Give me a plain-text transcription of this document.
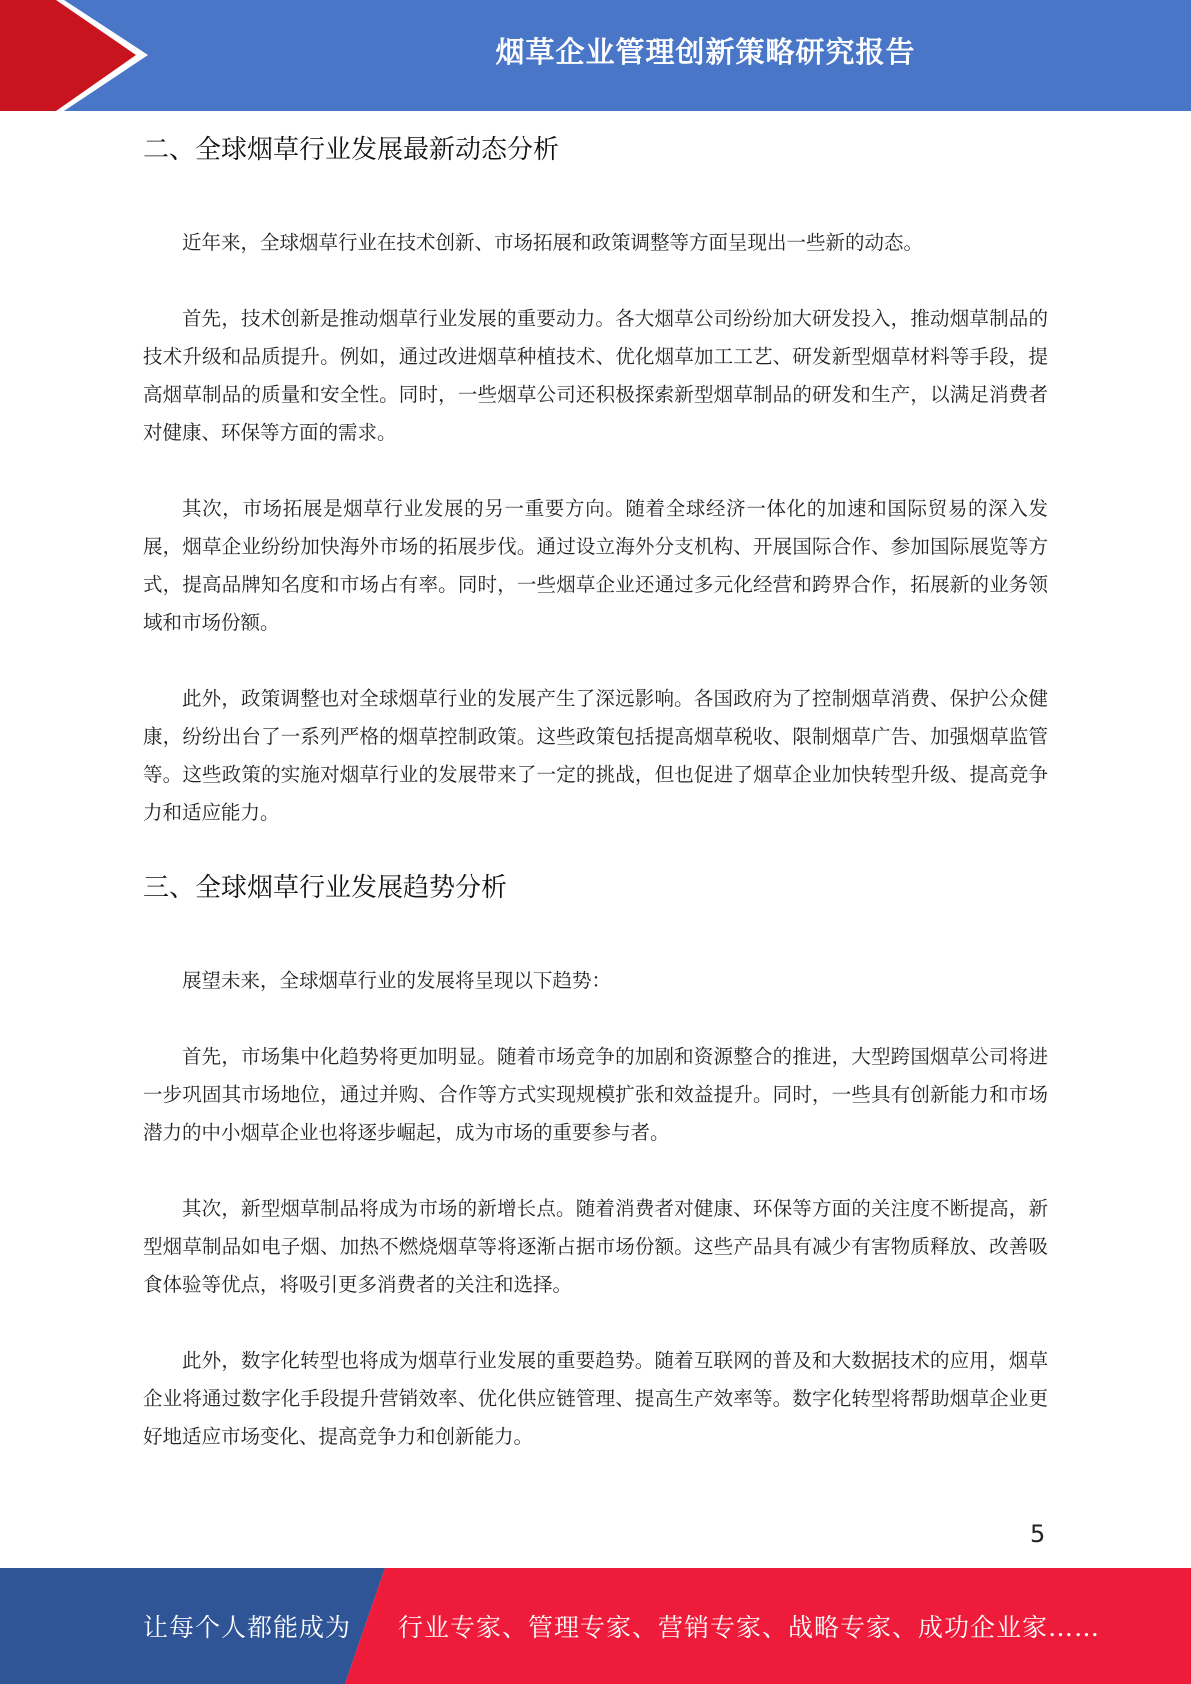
烟草企业管理创新策略研究报告
二、全球烟草行业发展最新动态分析

近年来，全球烟草行业在技术创新、市场拓展和政策调整等方面呈现出一些新的动态。

首先，技术创新是推动烟草行业发展的重要动力。各大烟草公司纷纷加大研发投入，推动烟草制品的技术升级和品质提升。例如，通过改进烟草种植技术、优化烟草加工工艺、研发新型烟草材料等手段，提高烟草制品的质量和安全性。同时，一些烟草公司还积极探索新型烟草制品的研发和生产，以满足消费者对健康、环保等方面的需求。

其次，市场拓展是烟草行业发展的另一重要方向。随着全球经济一体化的加速和国际贸易的深入发展，烟草企业纷纷加快海外市场的拓展步伐。通过设立海外分支机构、开展国际合作、参加国际展览等方式，提高品牌知名度和市场占有率。同时，一些烟草企业还通过多元化经营和跨界合作，拓展新的业务领域和市场份额。

此外，政策调整也对全球烟草行业的发展产生了深远影响。各国政府为了控制烟草消费、保护公众健康，纷纷出台了一系列严格的烟草控制政策。这些政策包括提高烟草税收、限制烟草广告、加强烟草监管等。这些政策的实施对烟草行业的发展带来了一定的挑战，但也促进了烟草企业加快转型升级、提高竞争力和适应能力。

三、全球烟草行业发展趋势分析

展望未来，全球烟草行业的发展将呈现以下趋势：

首先，市场集中化趋势将更加明显。随着市场竞争的加剧和资源整合的推进，大型跨国烟草公司将进一步巩固其市场地位，通过并购、合作等方式实现规模扩张和效益提升。同时，一些具有创新能力和市场潜力的中小烟草企业也将逐步崛起，成为市场的重要参与者。

其次，新型烟草制品将成为市场的新增长点。随着消费者对健康、环保等方面的关注度不断提高，新型烟草制品如电子烟、加热不燃烧烟草等将逐渐占据市场份额。这些产品具有减少有害物质释放、改善吸食体验等优点，将吸引更多消费者的关注和选择。

此外，数字化转型也将成为烟草行业发展的重要趋势。随着互联网的普及和大数据技术的应用，烟草企业将通过数字化手段提升营销效率、优化供应链管理、提高生产效率等。数字化转型将帮助烟草企业更好地适应市场变化、提高竞争力和创新能力。

5
让每个人都能成为 行业专家、管理专家、营销专家、战略专家、成功企业家……
